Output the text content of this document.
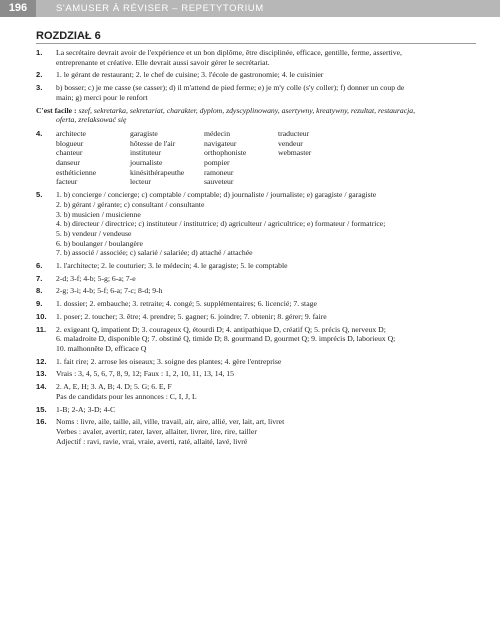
196	S'AMUSER À RÉVISER – REPETYTORIUM
ROZDZIAŁ 6
1. La secrétaire devrait avoir de l'expérience et un bon diplôme, être disciplinée, efficace, gentille, ferme, assertive,
entreprenante et créative. Elle devrait aussi savoir gérer le secrétariat.
2. 1. le gérant de restaurant; 2. le chef de cuisine; 3. l'école de gastronomie; 4. le cuisinier
3. b) bosser; c) je me casse (se casser); d) il m'attend de pied ferme; e) je m'y colle (s'y coller); f) donner un coup de
main; g) merci pour le renfort
C'est facile : szef, sekretarka, sekretariat, charakter, dyplom, zdyscyplinowany, asertywny, kreatywny, rezultat, restauracja,
oferta, zrelaksować się
4. architecte
blogueur
chanteur
danseur
esthéticienne
facteur
garagiste
hôtesse de l'air
instituteur
journaliste
kinésithérapeuthe
lecteur
médecin
navigateur
orthophoniste
pompier
ramoneur
sauveteur
traducteur
vendeur
webmaster
5. 1. b) concierge / concierge; c) comptable / comptable; d) journaliste / journaliste; e) garagiste / garagiste
2. b) gérant / gérante; c) consultant / consultante
3. b) musicien / musicienne
4. b) directeur / directrice; c) instituteur / institutrice; d) agriculteur / agricultrice; e) formateur / formatrice;
5. b) vendeur / vendeuse
6. b) boulanger / boulangère
7. b) associé / associée; c) salarié / salariée; d) attaché / attachée
6. 1. l'architecte; 2. le couturier; 3. le médecin; 4. le garagiste; 5. le comptable
7. 2-d; 3-f; 4-b; 5-g; 6-a; 7-e
8. 2-g; 3-i; 4-b; 5-f; 6-a; 7-c; 8-d; 9-h
9. 1. dossier; 2. embauche; 3. retraite; 4. congé; 5. supplémentaires; 6. licencié; 7. stage
10. 1. poser; 2. toucher; 3. être; 4. prendre; 5. gagner; 6. joindre; 7. obtenir; 8. gérer; 9. faire
11. 2. exigeant Q, impatient D; 3. courageux Q, étourdi D; 4. antipathique D, créatif Q; 5. précis Q, nerveux D;
6. maladroite D, disponible Q; 7. obstiné Q, timide D; 8. gourmand D, gourmet Q; 9. imprécis D, laborieux Q;
10. malhonnête D, efficace Q
12. 1. fait rire; 2. arrose les oiseaux; 3. soigne des plantes; 4. gère l'entreprise
13. Vrais : 3, 4, 5, 6, 7, 8, 9, 12; Faux : 1, 2, 10, 11, 13, 14, 15
14. 2. A, E, H; 3. A, B; 4. D; 5. G; 6. E, F
Pas de candidats pour les annonces : C, I, J, L
15. 1-B; 2-A; 3-D; 4-C
16. Noms : livre, aile, taille, ail, ville, travail, air, aire, allié, ver, lait, art, livret
Verbes : avaler, avertir, rater, laver, allaiter, livrer, lire, rire, tailler
Adjectif : ravi, ravie, vrai, vraie, averti, raté, allaité, lavé, livré
